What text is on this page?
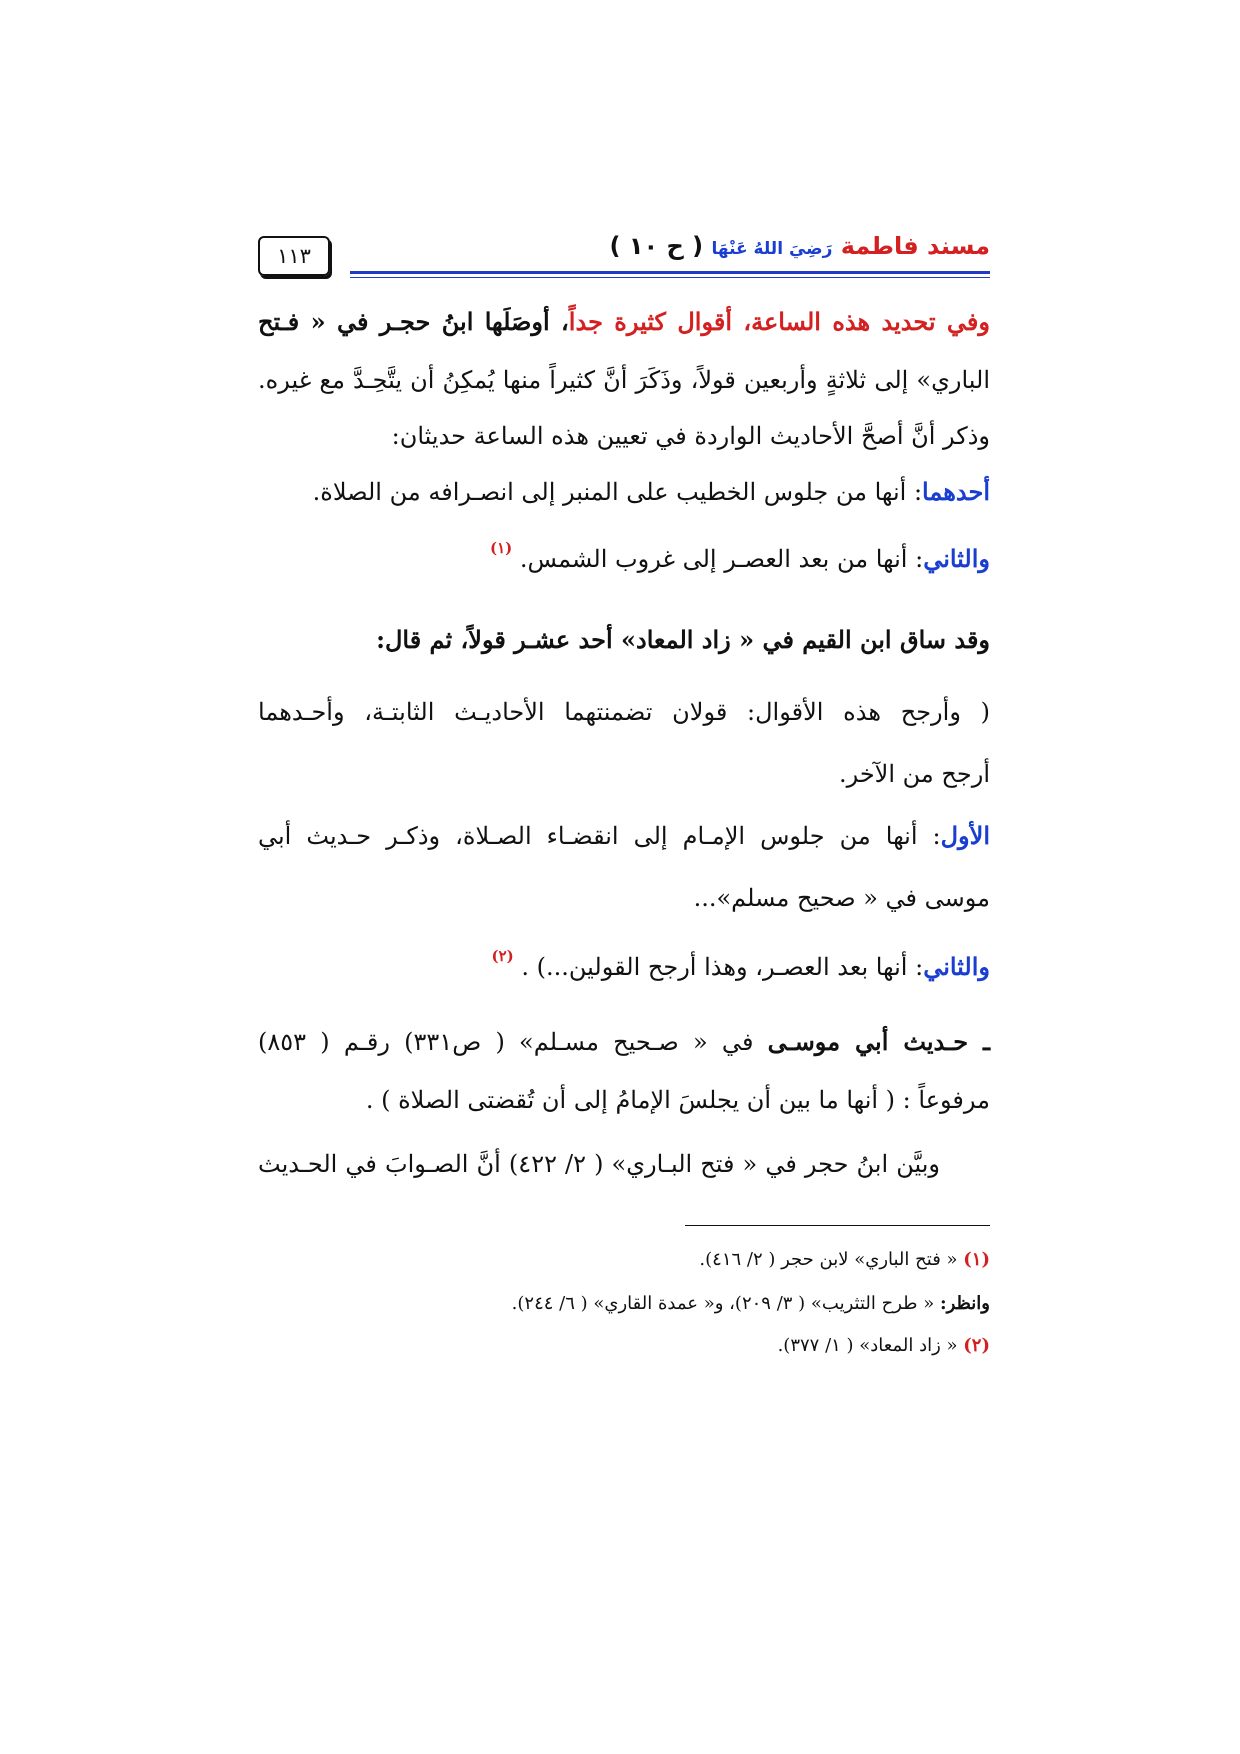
مسند فاطمة رَضِيَ اللهُ عَنْهَا ( ح ١٠ )
١١٣
وفي تحديد هذه الساعة، أقوال كثيرة جداً، أوصَلَها ابنُ حجـر في « فـتح
الباري» إلى ثلاثةٍ وأربعين قولاً، وذَكَرَ أنَّ كثيراً منها يُمكِنُ أن يتَّحِـدَّ مع غيره.
وذكر أنَّ أصحَّ الأحاديث الواردة في تعيين هذه الساعة حديثان:
أحدهما: أنها من جلوس الخطيب على المنبر إلى انصـرافه من الصلاة.
والثاني: أنها من بعد العصـر إلى غروب الشمس. $^{(١)}$
وقد ساق ابن القيم في « زاد المعاد» أحد عشـر قولاً، ثم قال:
( وأرجح هذه الأقوال: قولان تضمنتهما الأحاديـث الثابتـة، وأحـدهما
أرجح من الآخر.
الأول: أنها من جلوس الإمـام إلى انقضـاء الصـلاة، وذكـر حـديث أبي
موسى في « صحيح مسلم»...
والثاني: أنها بعد العصـر، وهذا أرجح القولين...) . $^{(٢)}$
ـ حـديث أبي موسـى في « صـحيح مسـلم» ( ص٣٣١) رقـم ( ٨٥٣)
مرفوعاً : ( أنها ما بين أن يجلسَ الإمامُ إلى أن تُقضتى الصلاة ) .
وبيَّن ابنُ حجر في « فتح البـاري» ( ٢/ ٤٢٢) أنَّ الصـوابَ في الحـديث
(١) « فتح الباري» لابن حجر ( ٢/ ٤١٦).
وانظر: « طرح التثريب» ( ٣/ ٢٠٩)، و« عمدة القاري» ( ٦/ ٢٤٤).
(٢) « زاد المعاد» ( ١/ ٣٧٧).
